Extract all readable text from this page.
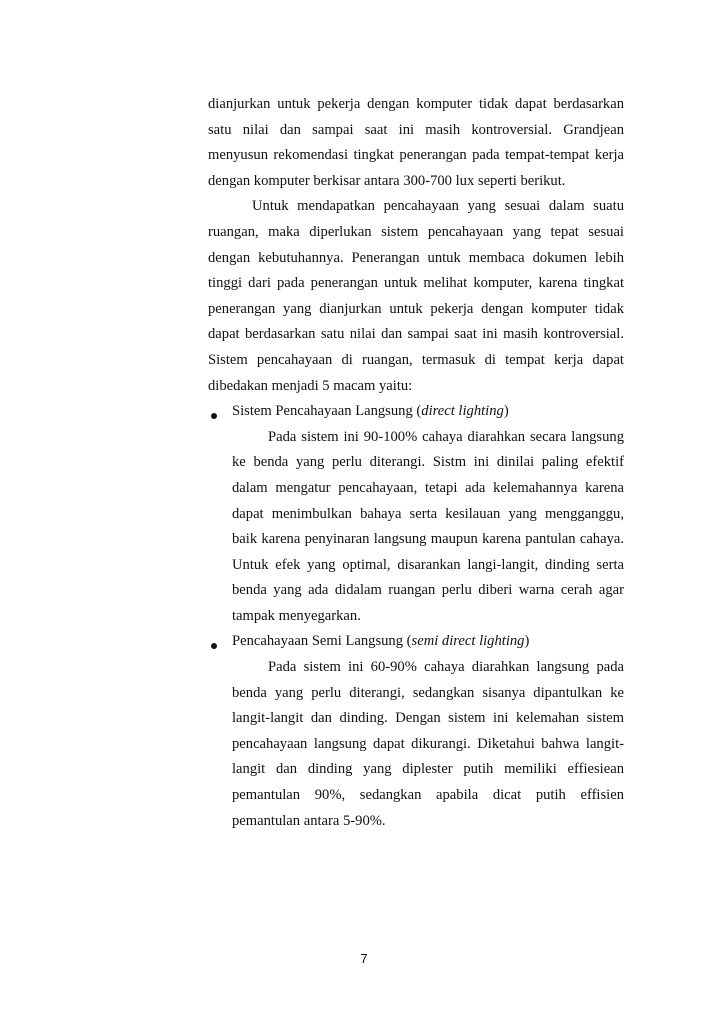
dianjurkan untuk pekerja dengan komputer tidak dapat berdasarkan satu nilai dan sampai saat ini masih kontroversial. Grandjean menyusun rekomendasi tingkat penerangan pada tempat-tempat kerja dengan komputer berkisar antara 300-700 lux seperti berikut.

Untuk mendapatkan pencahayaan yang sesuai dalam suatu ruangan, maka diperlukan sistem pencahayaan yang tepat sesuai dengan kebutuhannya. Penerangan untuk membaca dokumen lebih tinggi dari pada penerangan untuk melihat komputer, karena tingkat penerangan yang dianjurkan untuk pekerja dengan komputer tidak dapat berdasarkan satu nilai dan sampai saat ini masih kontroversial. Sistem pencahayaan di ruangan, termasuk di tempat kerja dapat dibedakan menjadi 5 macam yaitu:

Sistem Pencahayaan Langsung (direct lighting)

Pada sistem ini 90-100% cahaya diarahkan secara langsung ke benda yang perlu diterangi. Sistm ini dinilai paling efektif dalam mengatur pencahayaan, tetapi ada kelemahannya karena dapat menimbulkan bahaya serta kesilauan yang mengganggu, baik karena penyinaran langsung maupun karena pantulan cahaya. Untuk efek yang optimal, disarankan langi-langit, dinding serta benda yang ada didalam ruangan perlu diberi warna cerah agar tampak menyegarkan.

Pencahayaan Semi Langsung (semi direct lighting)

Pada sistem ini 60-90% cahaya diarahkan langsung pada benda yang perlu diterangi, sedangkan sisanya dipantulkan ke langit-langit dan dinding. Dengan sistem ini kelemahan sistem pencahayaan langsung dapat dikurangi. Diketahui bahwa langit-langit dan dinding yang diplester putih memiliki effiesiean pemantulan 90%, sedangkan apabila dicat putih effisien pemantulan antara 5-90%.

7
